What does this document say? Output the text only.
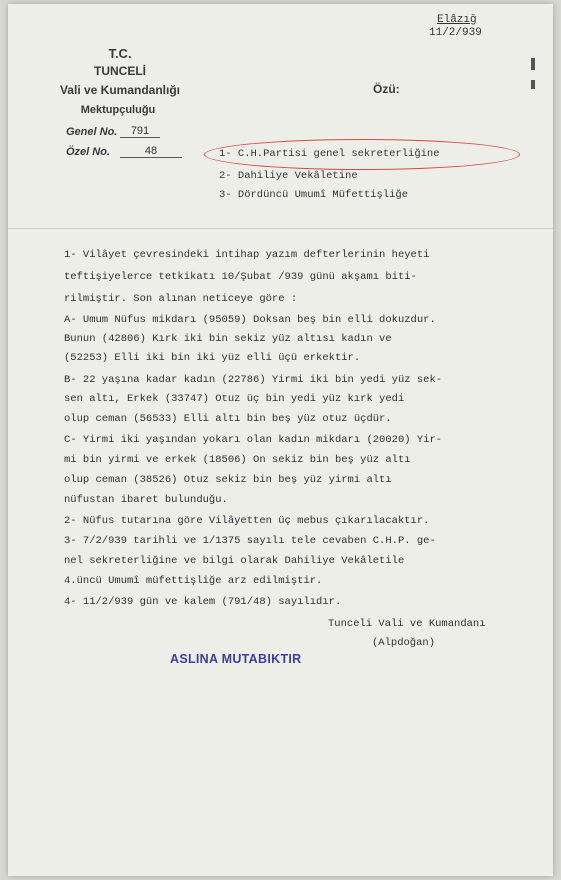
T.C.
TUNCELİ
Vali ve Kumandanlığı
Mektupçuluğu
Genel No.	791
Özel No.	48
Özü:
Elâzığ
11/2/939
1- C.H.Partisi genel sekreterliğine
2- Dahiliye Vekâletine
3- Dördüncü Umumî Müfettişliğe
1- Vilâyet çevresindeki intihap yazım defterlerinin heyeti
teftişiyelerce tetkikatı 10/Şubat /939 günü akşamı biti-
rilmiştir. Son alınan neticeye göre :
A- Umum Nüfus mikdarı (95059) Doksan beş bin elli dokuzdur.
Bunun (42806) Kırk iki bin sekiz yüz altısı kadın ve
(52253) Elli iki bin iki yüz elli üçü erkektir.
B- 22 yaşına kadar kadın (22786) Yirmi iki bin yedi yüz sek-
sen altı, Erkek (33747) Otuz üç bin yedi yüz kırk yedi
olup ceman (56533) Elli altı bin beş yüz otuz üçdür.
C- Yirmi iki yaşından yokarı olan kadın mikdarı (20020) Yir-
mi bin yirmi ve erkek (18506) On sekiz bin beş yüz altı
olup ceman (38526) Otuz sekiz bin beş yüz yirmi altı
nüfustan ibaret bulunduğu.
2- Nüfus tutarına göre Vilâyetten üç mebus çıkarılacaktır.
3- 7/2/939 tarihli ve 1/1375 sayılı tele cevaben C.H.P. ge-
nel sekreterliğine ve bilgi olarak Dahiliye Vekâletile
4.üncü Umumî müfettişliğe arz edilmiştir.
4- 11/2/939 gün ve kalem (791/48) sayılıdır.
Tunceli Vali ve Kumandanı
(Alpdoğan)
ASLINA MUTABIKTIR
